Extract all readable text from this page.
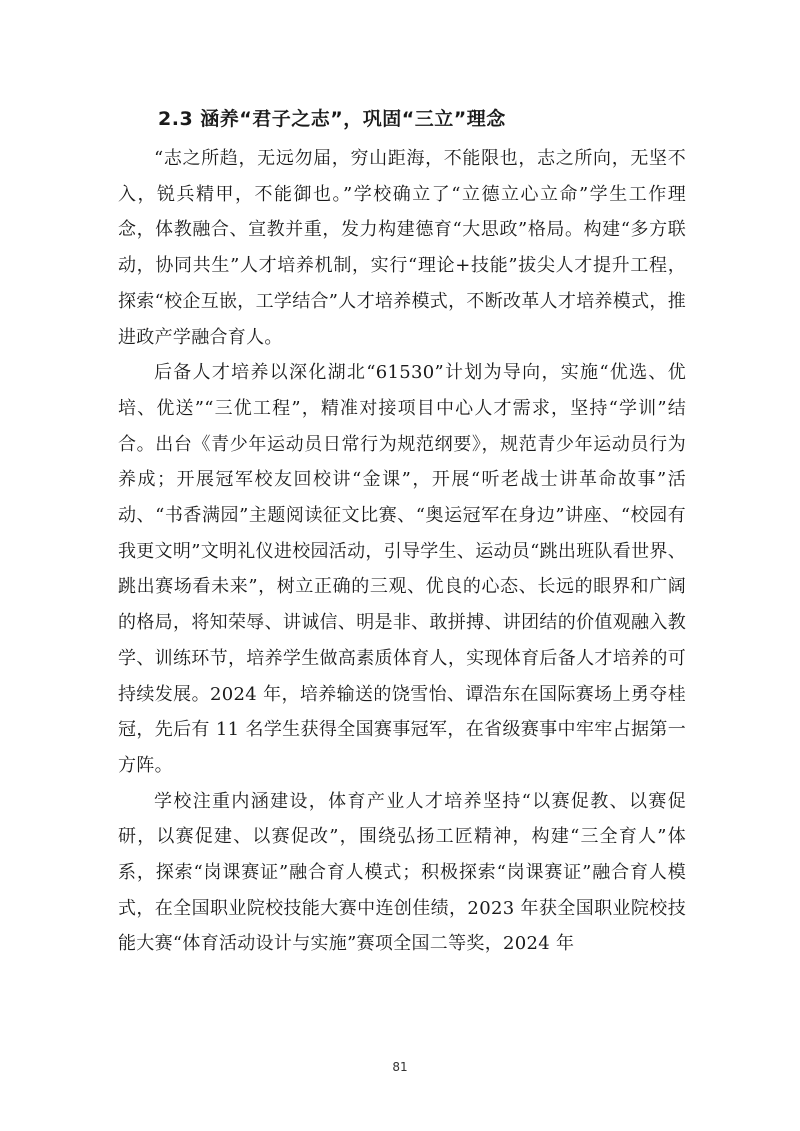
2.3 涵养“君子之志”，巩固“三立”理念

“志之所趋，无远勿届，穷山距海，不能限也，志之所向，无坚不入，锐兵精甲，不能御也。”学校确立了“立德立心立命”学生工作理念，体教融合、宣教并重，发力构建德育“大思政”格局。构建“多方联动，协同共生”人才培养机制，实行“理论+技能”拔尖人才提升工程，探索“校企互嵌，工学结合”人才培养模式，不断改革人才培养模式，推进政产学融合育人。

后备人才培养以深化湖北“61530”计划为导向，实施“优选、优培、优送”“三优工程”，精准对接项目中心人才需求，坚持“学训”结合。出台《青少年运动员日常行为规范纲要》，规范青少年运动员行为养成；开展冠军校友回校讲“金课”，开展“听老战士讲革命故事”活动、“书香满园”主题阅读征文比赛、“奥运冠军在身边”讲座、“校园有我更文明”文明礼仪进校园活动，引导学生、运动员“跳出班队看世界、跳出赛场看未来”，树立正确的三观、优良的心态、长远的眼界和广阔的格局，将知荣辱、讲诚信、明是非、敢拼搏、讲团结的价值观融入教学、训练环节，培养学生做高素质体育人，实现体育后备人才培养的可持续发展。2024 年，培养输送的饶雪怡、谭浩东在国际赛场上勇夺桂冠，先后有 11 名学生获得全国赛事冠军，在省级赛事中牢牢占据第一方阵。

学校注重内涵建设，体育产业人才培养坚持“以赛促教、以赛促研，以赛促建、以赛促改”，围绕弘扬工匠精神，构建“三全育人”体系，探索“岗课赛证”融合育人模式；积极探索“岗课赛证”融合育人模式，在全国职业院校技能大赛中连创佳绩，2023 年获全国职业院校技能大赛“体育活动设计与实施”赛项全国二等奖，2024 年

81
